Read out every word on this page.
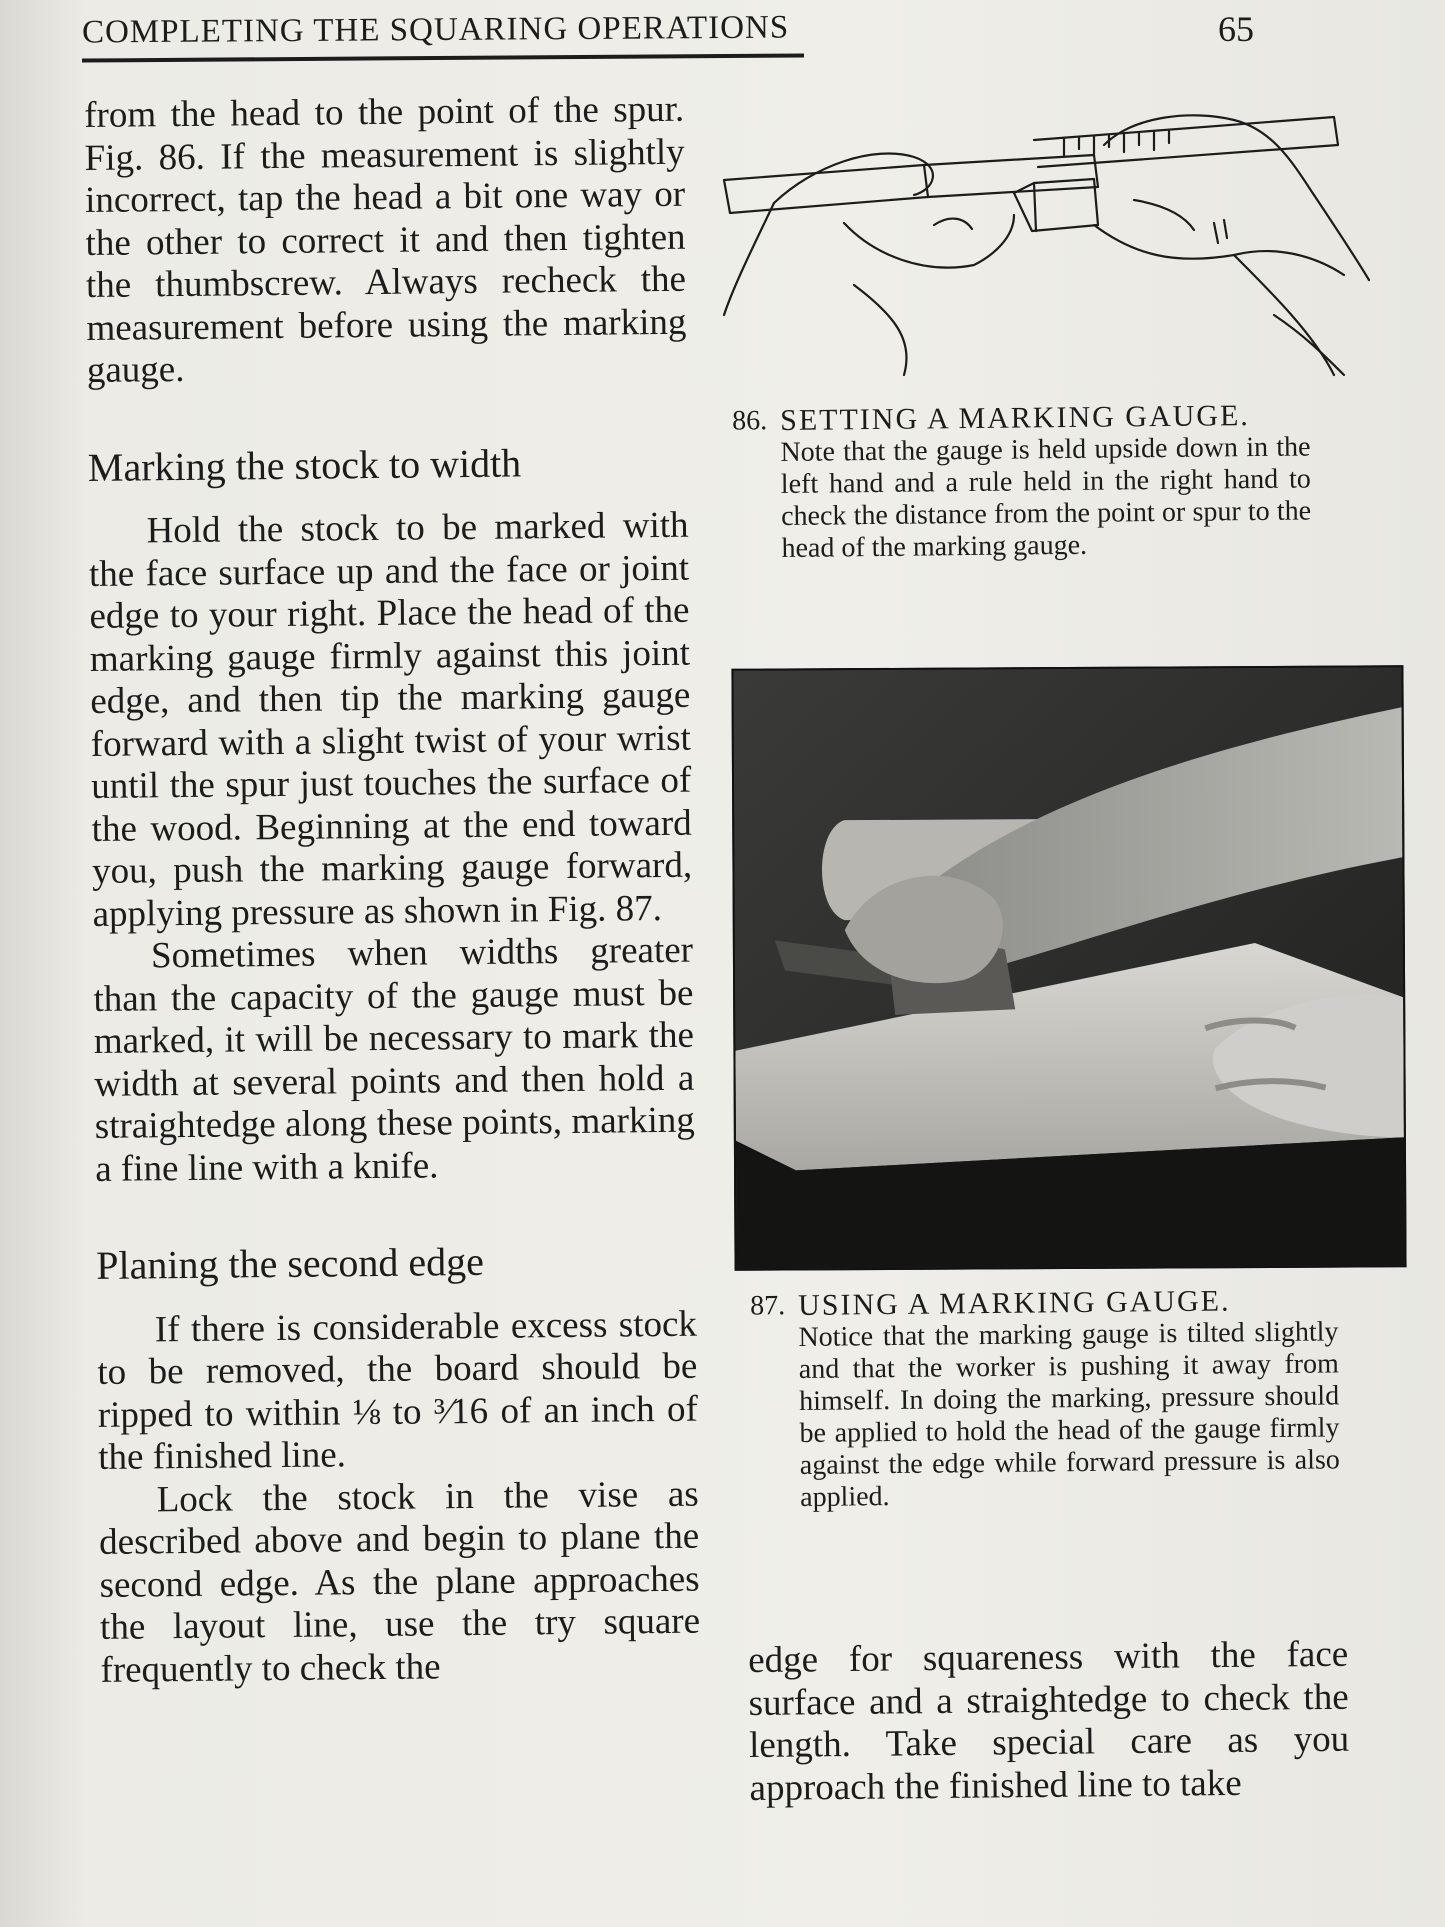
COMPLETING THE SQUARING OPERATIONS	65

from the head to the point of the spur. Fig. 86. If the measurement is slightly incorrect, tap the head a bit one way or the other to correct it and then tighten the thumbscrew. Always recheck the measurement before using the marking gauge.

Marking the stock to width

Hold the stock to be marked with the face surface up and the face or joint edge to your right. Place the head of the marking gauge firmly against this joint edge, and then tip the marking gauge forward with a slight twist of your wrist until the spur just touches the surface of the wood. Beginning at the end toward you, push the marking gauge forward, applying pressure as shown in Fig. 87.

Sometimes when widths greater than the capacity of the gauge must be marked, it will be necessary to mark the width at several points and then hold a straightedge along these points, marking a fine line with a knife.

Planing the second edge

If there is considerable excess stock to be removed, the board should be ripped to within ⅛ to ³⁄16 of an inch of the finished line.

Lock the stock in the vise as described above and begin to plane the second edge. As the plane approaches the layout line, use the try square frequently to check the

86. SETTING A MARKING GAUGE.
Note that the gauge is held upside down in the left hand and a rule held in the right hand to check the distance from the point or spur to the head of the marking gauge.
87. USING A MARKING GAUGE.
Notice that the marking gauge is tilted slightly and that the worker is pushing it away from himself. In doing the marking, pressure should be applied to hold the head of the gauge firmly against the edge while forward pressure is also applied.

edge for squareness with the face surface and a straightedge to check the length. Take special care as you approach the finished line to take
